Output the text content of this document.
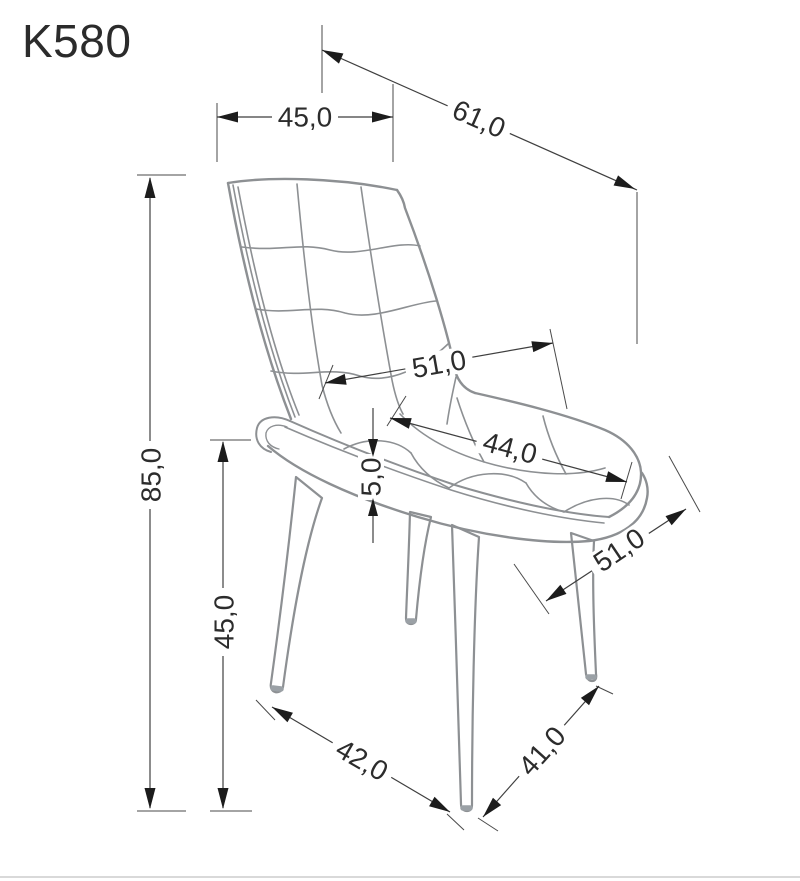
K580
45,0	61,0
85,0
45,0
5,0
51,0
44,0
51,0
42,0	41,0
